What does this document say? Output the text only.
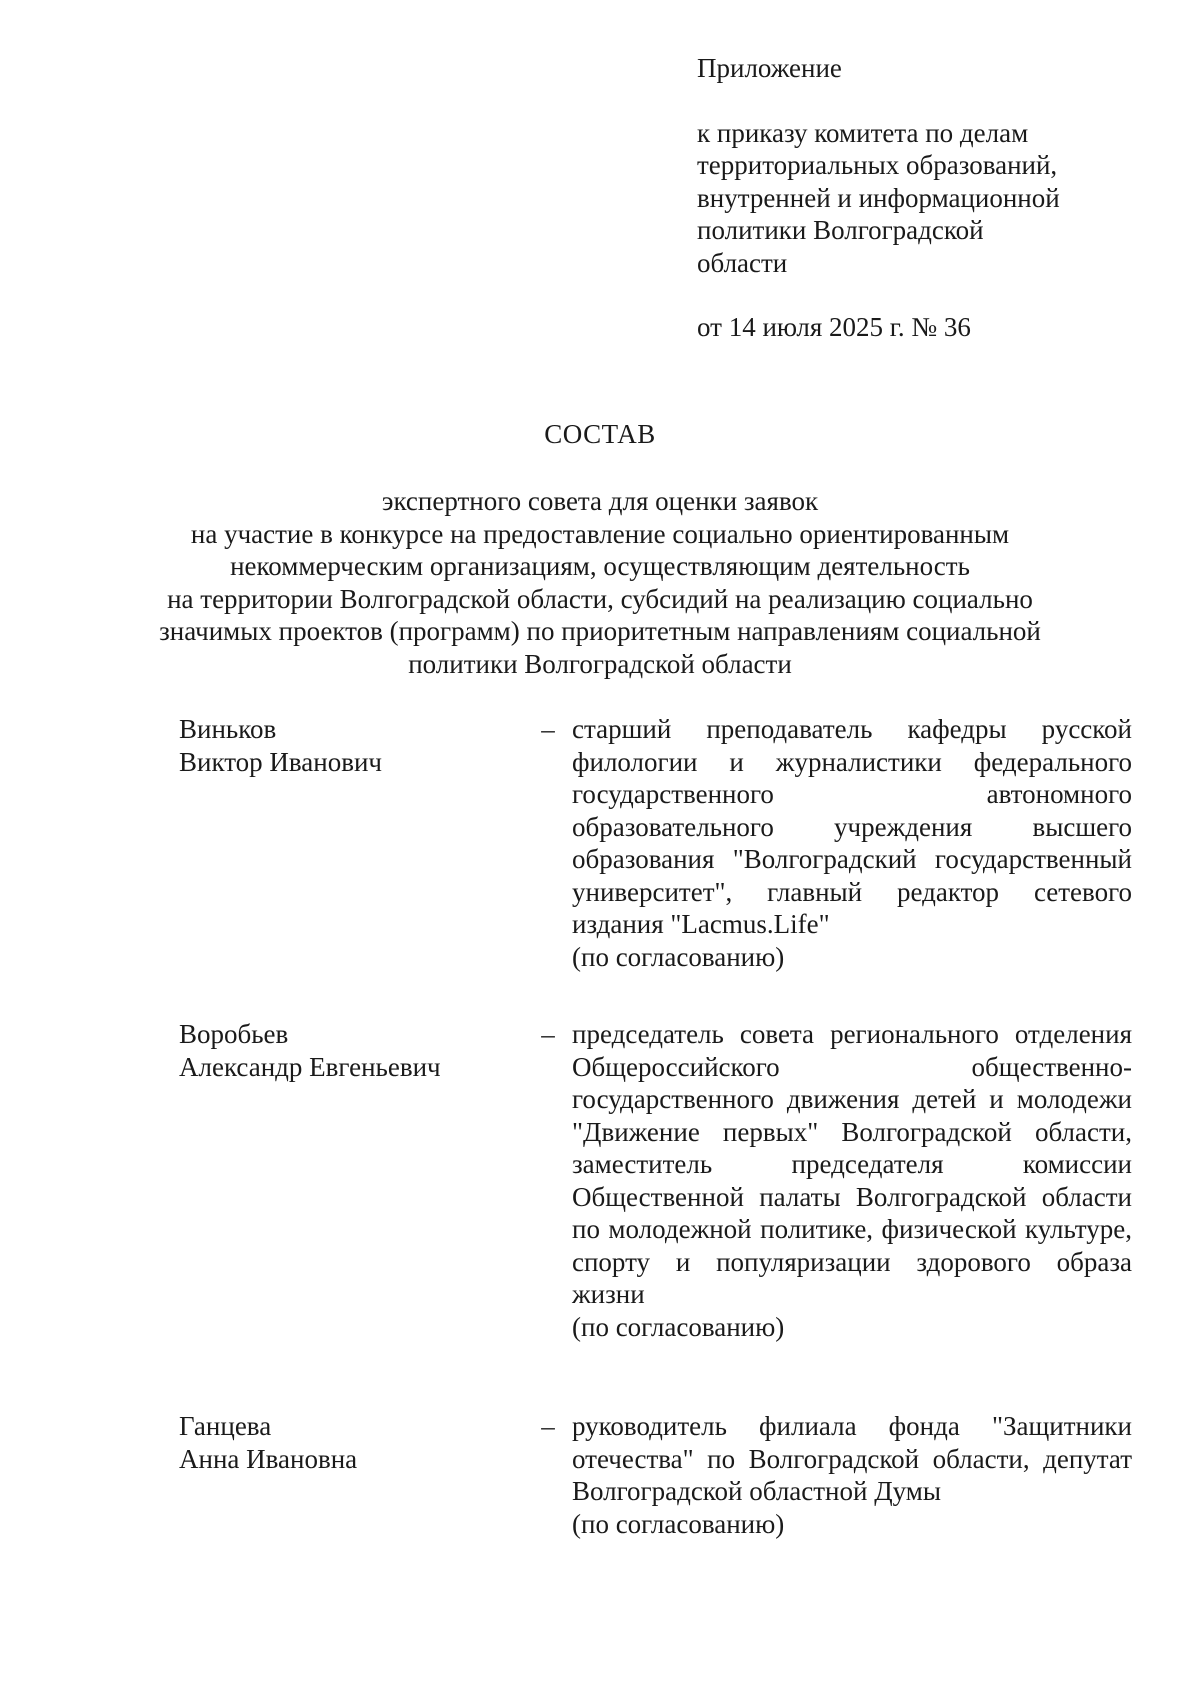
Приложение
к приказу комитета по делам
территориальных образований,
внутренней и информационной
политики Волгоградской
области
от 14 июля 2025 г. № 36
СОСТАВ
экспертного совета для оценки заявок
на участие в конкурсе на предоставление социально ориентированным
некоммерческим организациям, осуществляющим деятельность
на территории Волгоградской области, субсидий на реализацию социально
значимых проектов (программ) по приоритетным направлениям социальной
политики Волгоградской области
Виньков
Виктор Иванович
– старший преподаватель кафедры русской филологии и журналистики федерального государственного автономного образовательного учреждения высшего образования "Волгоградский государственный университет", главный редактор сетевого издания "Lacmus.Life"
(по согласованию)
Воробьев
Александр Евгеньевич
– председатель совета регионального отделения Общероссийского общественно-государственного движения детей и молодежи "Движение первых" Волгоградской области, заместитель председателя комиссии Общественной палаты Волгоградской области по молодежной политике, физической культуре, спорту и популяризации здорового образа жизни
(по согласованию)
Ганцева
Анна Ивановна
– руководитель филиала фонда "Защитники отечества" по Волгоградской области, депутат Волгоградской областной Думы
(по согласованию)
